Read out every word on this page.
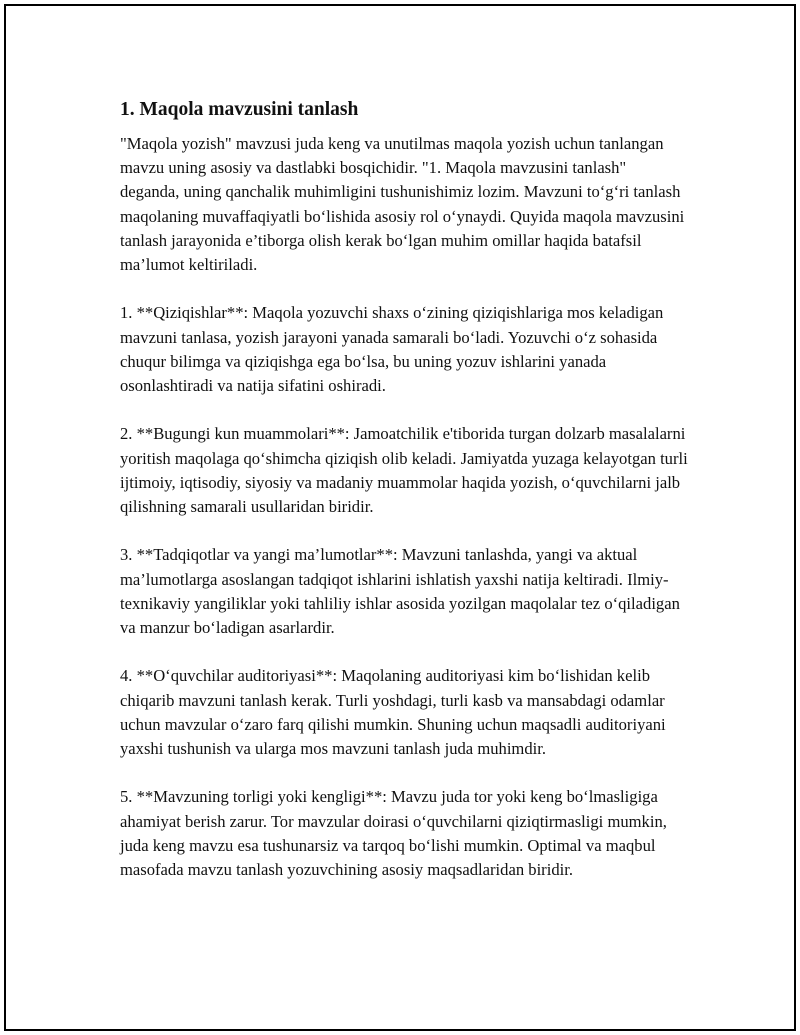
1. Maqola mavzusini tanlash

"Maqola yozish" mavzusi juda keng va unutilmas maqola yozish uchun tanlangan mavzu uning asosiy va dastlabki bosqichidir. "1. Maqola mavzusini tanlash" deganda, uning qanchalik muhimligini tushunishimiz lozim. Mavzuni to‘g‘ri tanlash maqolaning muvaffaqiyatli bo‘lishida asosiy rol o‘ynaydi. Quyida maqola mavzusini tanlash jarayonida e’tiborga olish kerak bo‘lgan muhim omillar haqida batafsil ma’lumot keltiriladi.

1. **Qiziqishlar**: Maqola yozuvchi shaxs o‘zining qiziqishlariga mos keladigan mavzuni tanlasa, yozish jarayoni yanada samarali bo‘ladi. Yozuvchi o‘z sohasida chuqur bilimga va qiziqishga ega bo‘lsa, bu uning yozuv ishlarini yanada osonlashtiradi va natija sifatini oshiradi.

2. **Bugungi kun muammolari**: Jamoatchilik e'tiborida turgan dolzarb masalalarni yoritish maqolaga qo‘shimcha qiziqish olib keladi. Jamiyatda yuzaga kelayotgan turli ijtimoiy, iqtisodiy, siyosiy va madaniy muammolar haqida yozish, o‘quvchilarni jalb qilishning samarali usullaridan biridir.

3. **Tadqiqotlar va yangi ma’lumotlar**: Mavzuni tanlashda, yangi va aktual ma’lumotlarga asoslangan tadqiqot ishlarini ishlatish yaxshi natija keltiradi. Ilmiy-texnikaviy yangiliklar yoki tahliliy ishlar asosida yozilgan maqolalar tez o‘qiladigan va manzur bo‘ladigan asarlardir.

4. **O‘quvchilar auditoriyasi**: Maqolaning auditoriyasi kim bo‘lishidan kelib chiqarib mavzuni tanlash kerak. Turli yoshdagi, turli kasb va mansabdagi odamlar uchun mavzular o‘zaro farq qilishi mumkin. Shuning uchun maqsadli auditoriyani yaxshi tushunish va ularga mos mavzuni tanlash juda muhimdir.

5. **Mavzuning torligi yoki kengligi**: Mavzu juda tor yoki keng bo‘lmasligiga ahamiyat berish zarur. Tor mavzular doirasi o‘quvchilarni qiziqtirmasligi mumkin, juda keng mavzu esa tushunarsiz va tarqoq bo‘lishi mumkin. Optimal va maqbul masofada mavzu tanlash yozuvchining asosiy maqsadlaridan biridir.
